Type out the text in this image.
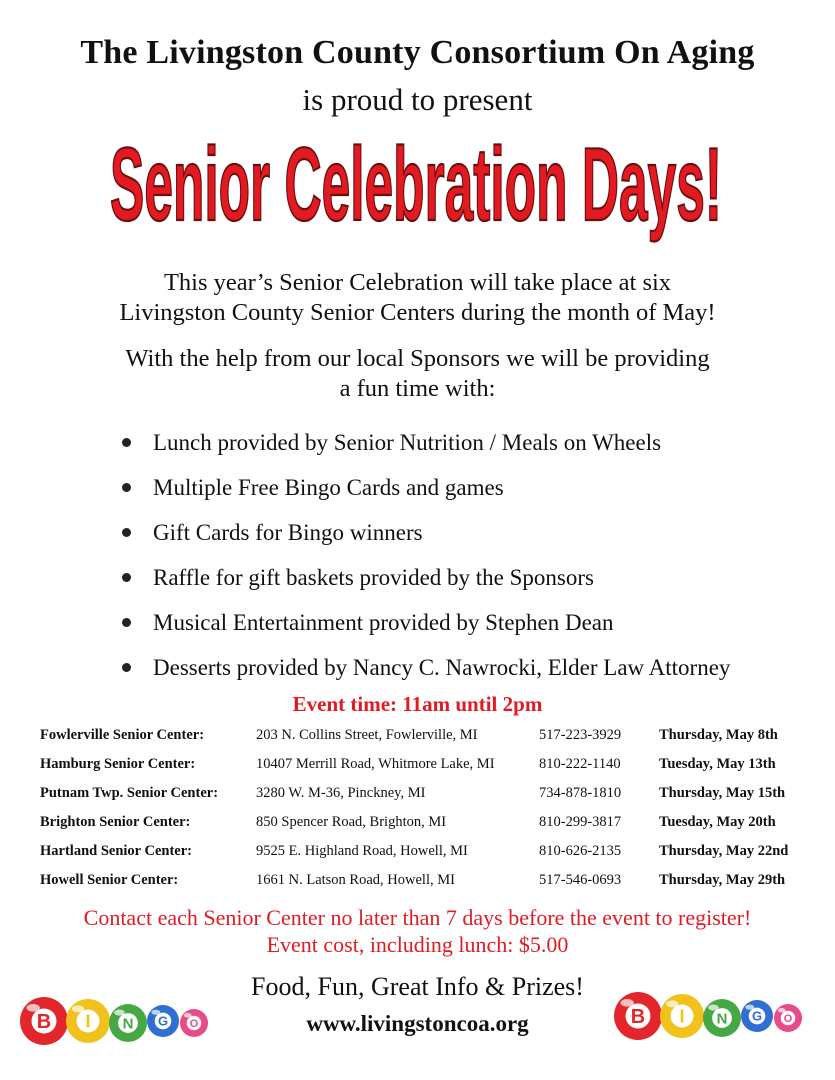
The Livingston County Consortium On Aging
is proud to present
Senior Celebration Days!
This year’s Senior Celebration will take place at six
Livingston County Senior Centers during the month of May!
With the help from our local Sponsors we will be providing
a fun time with:
Lunch provided by Senior Nutrition / Meals on Wheels
Multiple Free Bingo Cards and games
Gift Cards for Bingo winners
Raffle for gift baskets provided by the Sponsors
Musical Entertainment provided by Stephen Dean
Desserts provided by Nancy C. Nawrocki, Elder Law Attorney
Event time: 11am until 2pm
Fowlerville Senior Center:	203 N. Collins Street, Fowlerville, MI	517-223-3929	Thursday, May 8th
Hamburg Senior Center:	10407 Merrill Road, Whitmore Lake, MI	810-222-1140	Tuesday, May 13th
Putnam Twp. Senior Center:	3280 W. M-36, Pinckney, MI	734-878-1810	Thursday, May 15th
Brighton Senior Center:	850 Spencer Road, Brighton, MI	810-299-3817	Tuesday, May 20th
Hartland Senior Center:	9525 E. Highland Road, Howell, MI	810-626-2135	Thursday, May 22nd
Howell Senior Center:	1661 N. Latson Road, Howell, MI	517-546-0693	Thursday, May 29th
Contact each Senior Center no later than 7 days before the event to register!
Event cost, including lunch: $5.00
Food, Fun, Great Info & Prizes!
www.livingstoncoa.org
B I N G O	B I N G O
